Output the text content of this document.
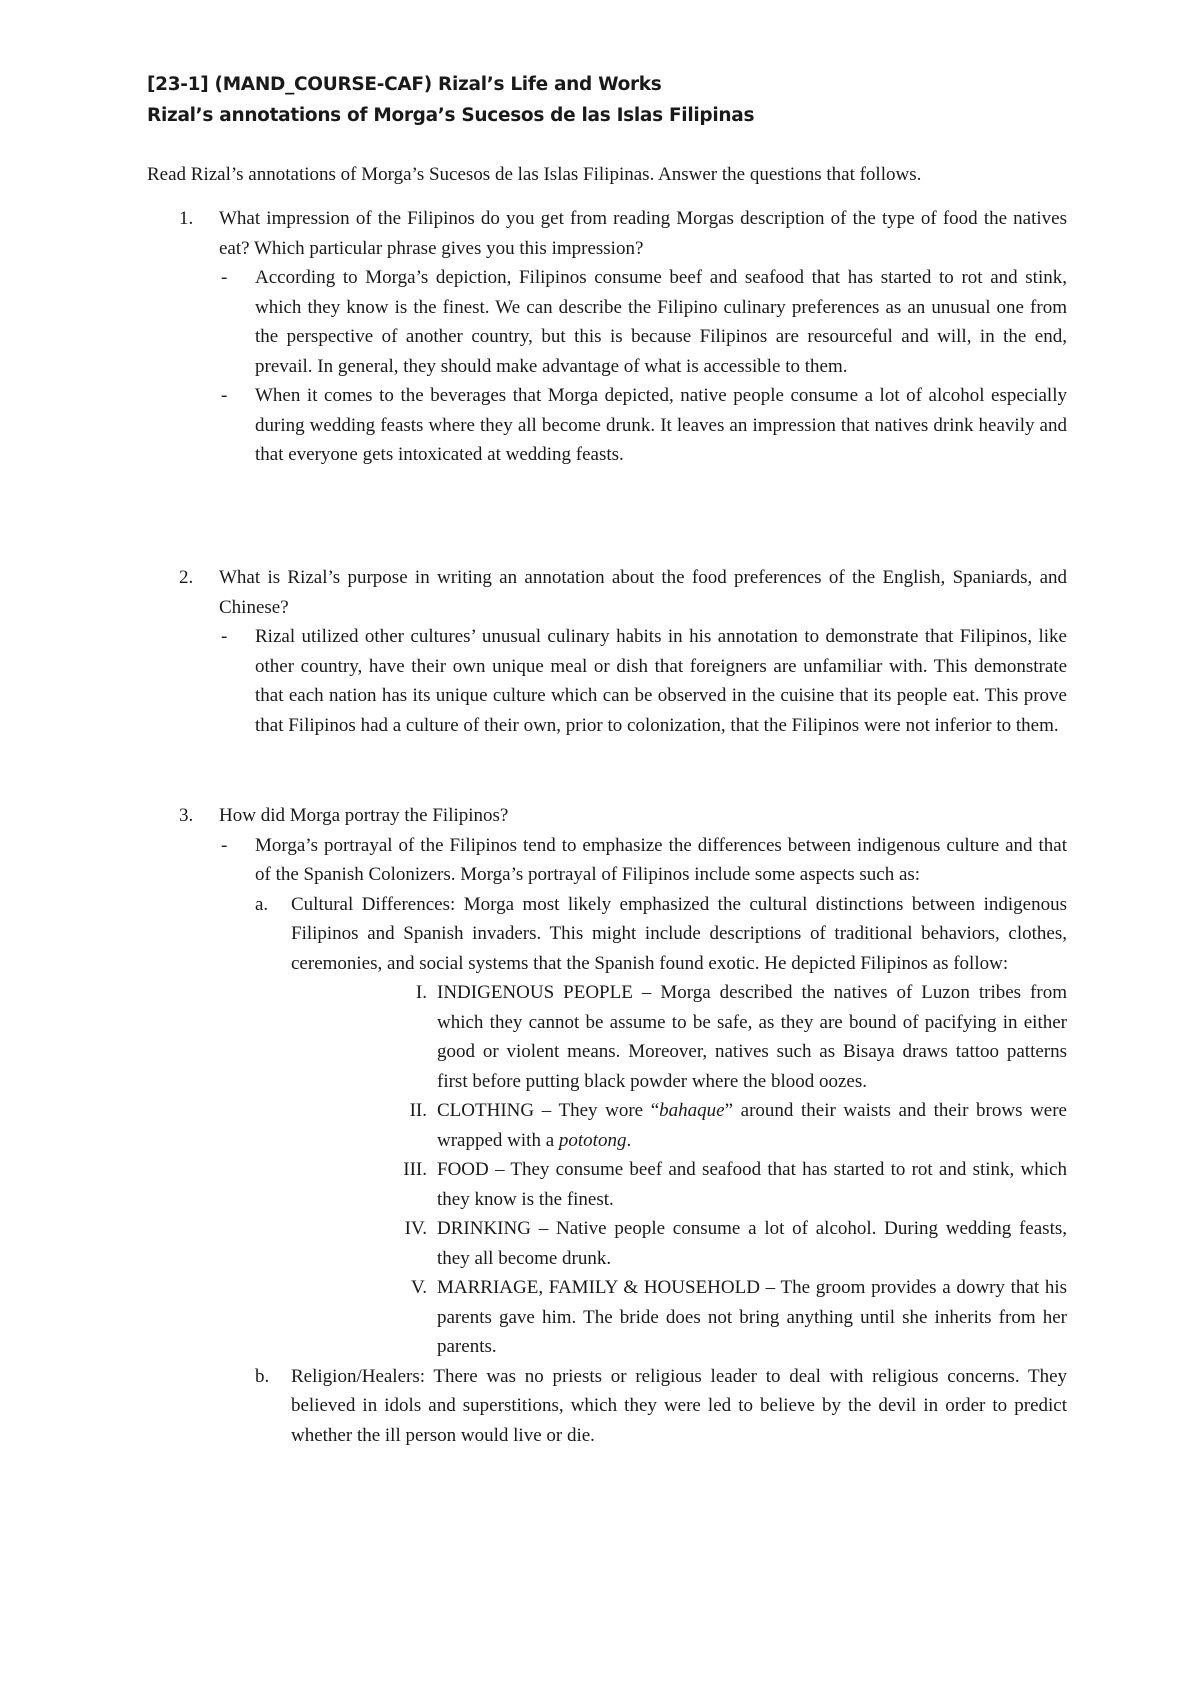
[23-1] (MAND_COURSE-CAF) Rizal’s Life and Works
Rizal’s annotations of Morga’s Sucesos de las Islas Filipinas

Read Rizal’s annotations of Morga’s Sucesos de las Islas Filipinas. Answer the questions that follows.

1. What impression of the Filipinos do you get from reading Morgas description of the type of food the natives eat? Which particular phrase gives you this impression?

- According to Morga’s depiction, Filipinos consume beef and seafood that has started to rot and stink, which they know is the finest. We can describe the Filipino culinary preferences as an unusual one from the perspective of another country, but this is because Filipinos are resourceful and will, in the end, prevail. In general, they should make advantage of what is accessible to them.

- When it comes to the beverages that Morga depicted, native people consume a lot of alcohol especially during wedding feasts where they all become drunk. It leaves an impression that natives drink heavily and that everyone gets intoxicated at wedding feasts.

2. What is Rizal’s purpose in writing an annotation about the food preferences of the English, Spaniards, and Chinese?

- Rizal utilized other cultures’ unusual culinary habits in his annotation to demonstrate that Filipinos, like other country, have their own unique meal or dish that foreigners are unfamiliar with. This demonstrate that each nation has its unique culture which can be observed in the cuisine that its people eat. This prove that Filipinos had a culture of their own, prior to colonization, that the Filipinos were not inferior to them.

3. How did Morga portray the Filipinos?

- Morga’s portrayal of the Filipinos tend to emphasize the differences between indigenous culture and that of the Spanish Colonizers. Morga’s portrayal of Filipinos include some aspects such as:

a. Cultural Differences: Morga most likely emphasized the cultural distinctions between indigenous Filipinos and Spanish invaders. This might include descriptions of traditional behaviors, clothes, ceremonies, and social systems that the Spanish found exotic. He depicted Filipinos as follow:

I. INDIGENOUS PEOPLE – Morga described the natives of Luzon tribes from which they cannot be assume to be safe, as they are bound of pacifying in either good or violent means. Moreover, natives such as Bisaya draws tattoo patterns first before putting black powder where the blood oozes.

II. CLOTHING – They wore “bahaque” around their waists and their brows were wrapped with a pototong.

III. FOOD – They consume beef and seafood that has started to rot and stink, which they know is the finest.

IV. DRINKING – Native people consume a lot of alcohol. During wedding feasts, they all become drunk.

V. MARRIAGE, FAMILY & HOUSEHOLD – The groom provides a dowry that his parents gave him. The bride does not bring anything until she inherits from her parents.

b. Religion/Healers: There was no priests or religious leader to deal with religious concerns. They believed in idols and superstitions, which they were led to believe by the devil in order to predict whether the ill person would live or die.
